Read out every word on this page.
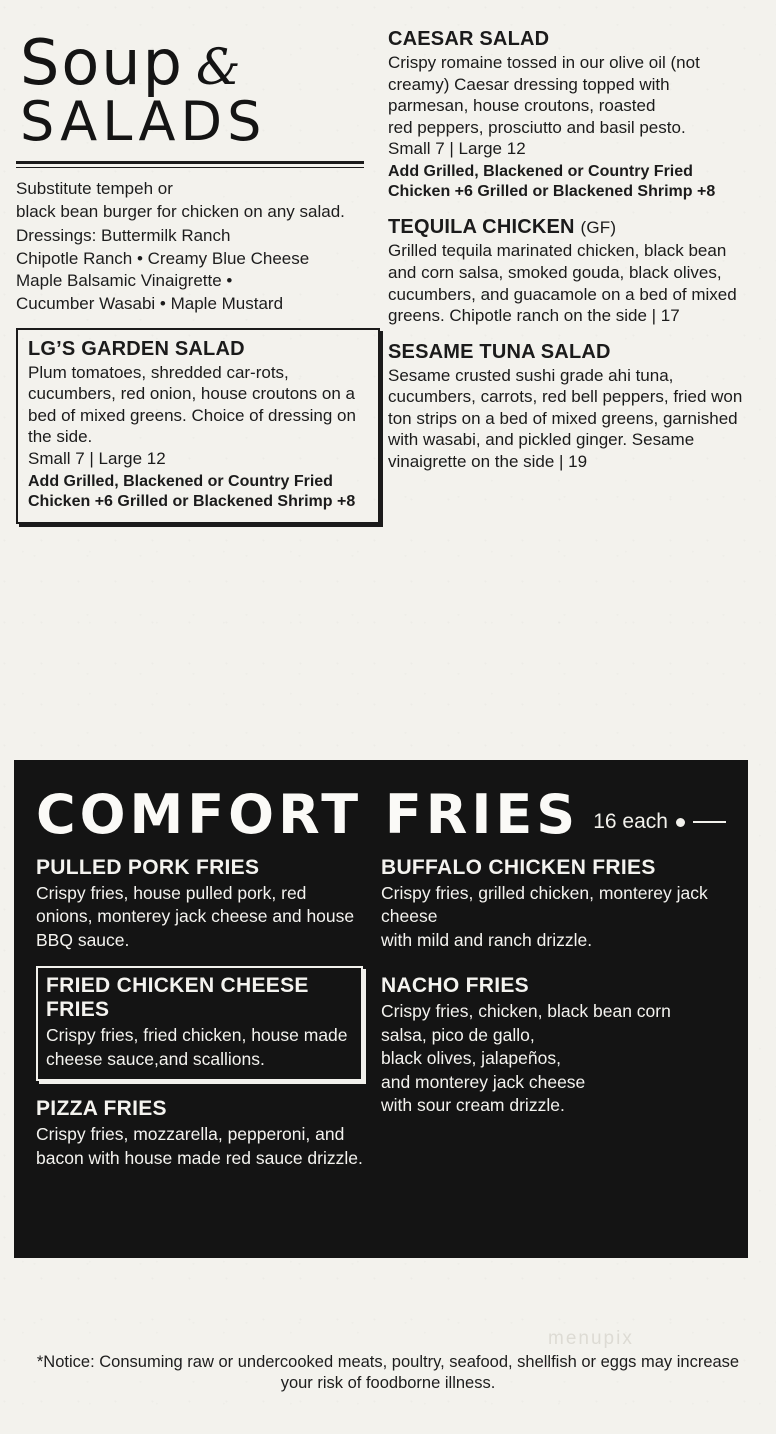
Soup &
SALADS
Substitute tempeh or
black bean burger for chicken on any salad.
Dressings: Buttermilk Ranch
Chipotle Ranch • Creamy Blue Cheese
Maple Balsamic Vinaigrette •
Cucumber Wasabi • Maple Mustard
LG’S GARDEN SALAD
Plum tomatoes, shredded car-rots, cucumbers, red onion, house croutons on a bed of mixed greens. Choice of dressing on the side.
Small 7 | Large 12
Add Grilled, Blackened or Country Fried Chicken +6 Grilled or Blackened Shrimp +8
CAESAR SALAD
Crispy romaine tossed in our olive oil (not creamy) Caesar dressing topped with parmesan, house croutons, roasted
red peppers, prosciutto and basil pesto.
Small 7 | Large 12
Add Grilled, Blackened or Country Fried Chicken +6 Grilled or Blackened Shrimp +8
TEQUILA CHICKEN (GF)
Grilled tequila marinated chicken, black bean and corn salsa, smoked gouda, black olives, cucumbers, and guacamole on a bed of mixed greens. Chipotle ranch on the side | 17
SESAME TUNA SALAD
Sesame crusted sushi grade ahi tuna, cucumbers, carrots, red bell peppers, fried won ton strips on a bed of mixed greens, garnished with wasabi, and pickled ginger. Sesame vinaigrette on the side | 19
COMFORT FRIES 16 each
PULLED PORK FRIES
Crispy fries, house pulled pork, red onions, monterey jack cheese and house BBQ sauce.
FRIED CHICKEN CHEESE FRIES
Crispy fries, fried chicken, house made cheese sauce,and scallions.
PIZZA FRIES
Crispy fries, mozzarella, pepperoni, and bacon with house made red sauce drizzle.
BUFFALO CHICKEN FRIES
Crispy fries, grilled chicken, monterey jack cheese
with mild and ranch drizzle.
NACHO FRIES
Crispy fries, chicken, black bean corn salsa, pico de gallo,
black olives, jalapeños,
and monterey jack cheese
with sour cream drizzle.
menupix
*Notice: Consuming raw or undercooked meats, poultry, seafood, shellfish or eggs may increase your risk of foodborne illness.
